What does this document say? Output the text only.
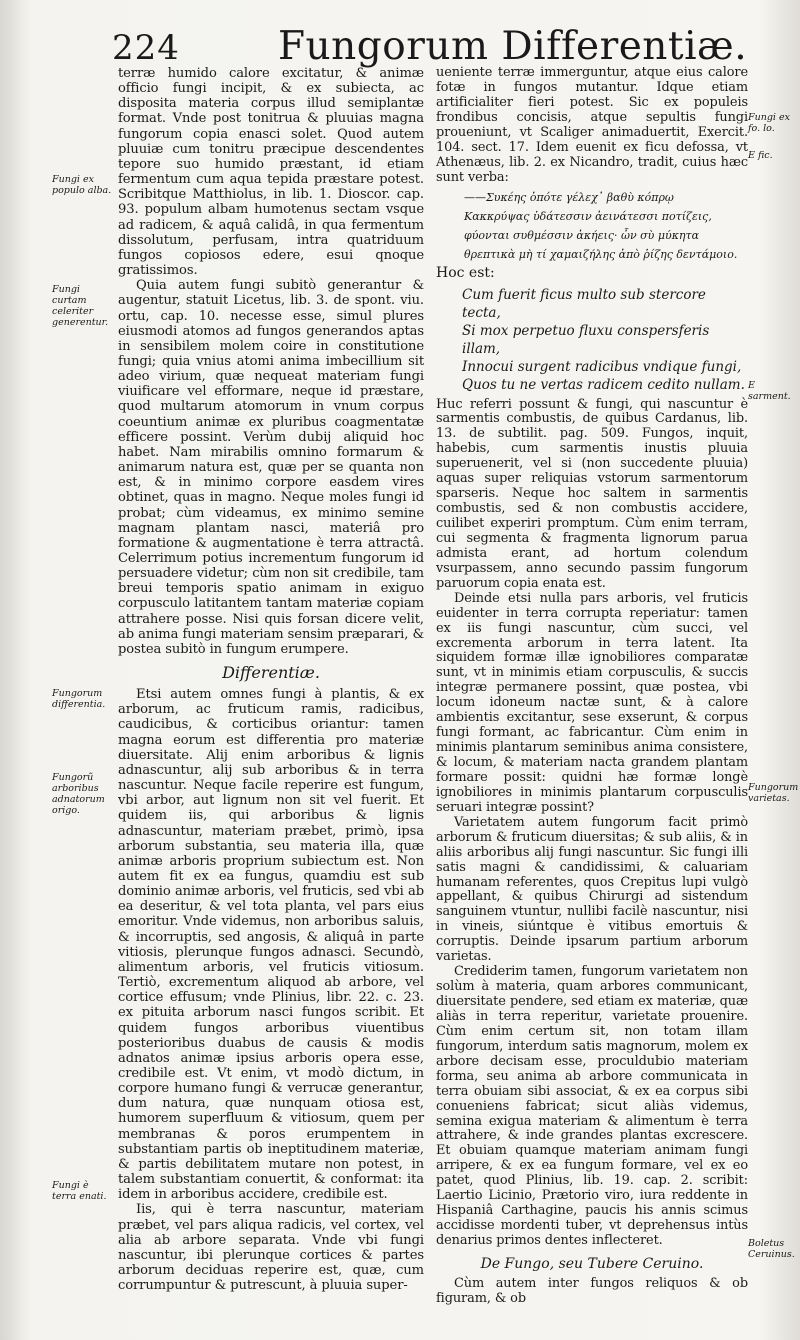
224	Fungorum Differentiæ.

Fungi ex populo alba.

Fungi curtam celeriter generentur.

Fungorum differentia.

Fungorũ arboribus adnatorum origo.

Fungi è terra enati.

Fungi ex fo. lo.

E fic.

E sarment.

Fungorum varietas.

Boletus Ceruinus.

terræ humido calore excitatur, & animæ officio fungi incipit, & ex subiecta, ac disposita materia corpus illud semiplantæ format. Vnde post tonitrua & pluuias magna fungorum copia enasci solet. Quod autem pluuiæ cum tonitru præcipue descendentes tepore suo humido præstant, id etiam fermentum cum aqua tepida præstare potest. Scribitque Matthiolus, in lib. 1. Dioscor. cap. 93. populum albam humotenus sectam vsque ad radicem, & aquâ calidâ, in qua fermentum dissolutum, perfusam, intra quatriduum fungos copiosos edere, esui qnoque gratissimos.

Quia autem fungi subitò generantur & augentur, statuit Licetus, lib. 3. de spont. viu. ortu, cap. 10. necesse esse, simul plures eiusmodi atomos ad fungos generandos aptas in sensibilem molem coire in constitutione fungi; quia vnius atomi anima imbecillium sit adeo virium, quæ nequeat materiam fungi viuificare vel efformare, neque id præstare, quod multarum atomorum in vnum corpus coeuntium animæ ex pluribus coagmentatæ efficere possint. Verùm dubij aliquid hoc habet. Nam mirabilis omnino formarum & animarum natura est, quæ per se quanta non est, & in minimo corpore easdem vires obtinet, quas in magno. Neque moles fungi id probat; cùm videamus, ex minimo semine magnam plantam nasci, materiâ pro formatione & augmentatione è terra attractâ. Celerrimum potius incrementum fungorum id persuadere videtur; cùm non sit credibile, tam breui temporis spatio animam in exiguo corpusculo latitantem tantam materiæ copiam attrahere posse. Nisi quis forsan dicere velit, ab anima fungi materiam sensim præparari, & postea subitò in fungum erumpere.

Differentiæ.

Etsi autem omnes fungi à plantis, & ex arborum, ac fruticum ramis, radicibus, caudicibus, & corticibus oriantur: tamen magna eorum est differentia pro materiæ diuersitate. Alij enim arboribus & lignis adnascuntur, alij sub arboribus & in terra nascuntur. Neque facile reperire est fungum, vbi arbor, aut lignum non sit vel fuerit. Et quidem iis, qui arboribus & lignis adnascuntur, materiam præbet, primò, ipsa arborum substantia, seu materia illa, quæ animæ arboris proprium subiectum est. Non autem fit ex ea fungus, quamdiu est sub dominio animæ arboris, vel fruticis, sed vbi ab ea deseritur, & vel tota planta, vel pars eius emoritur. Vnde videmus, non arboribus saluis, & incorruptis, sed angosis, & aliquâ in parte vitiosis, plerunque fungos adnasci. Secundò, alimentum arboris, vel fruticis vitiosum. Tertiò, excrementum aliquod ab arbore, vel cortice effusum; vnde Plinius, libr. 22. c. 23. ex pituita arborum nasci fungos scribit. Et quidem fungos arboribus viuentibus posterioribus duabus de causis & modis adnatos animæ ipsius arboris opera esse, credibile est. Vt enim, vt modò dictum, in corpore humano fungi & verrucæ generantur, dum natura, quæ nunquam otiosa est, humorem superfluum & vitiosum, quem per membranas & poros erumpentem in substantiam partis ob ineptitudinem materiæ, & partis debilitatem mutare non potest, in talem substantiam conuertit, & conformat: ita idem in arboribus accidere, credibile est.

Iis, qui è terra nascuntur, materiam præbet, vel pars aliqua radicis, vel cortex, vel alia ab arbore separata. Vnde vbi fungi nascuntur, ibi plerunque cortices & partes arborum deciduas reperire est, quæ, cum corrumpuntur & putrescunt, à pluuia super-

ueniente terræ immerguntur, atque eius calore fotæ in fungos mutantur. Idque etiam artificialiter fieri potest. Sic ex populeis frondibus concisis, atque sepultis fungi proueniunt, vt Scaliger animaduertit, Exercit. 104. sect. 17. Idem euenit ex ficu defossa, vt Athenæus, lib. 2. ex Nicandro, tradit, cuius hæc sunt verba:

——Συκέης ὁπότε γέλεχ᾽ βαθὺ κόπρῳ
Κακκρύψας ὑδάτεσσιν ἀεινάτεσσι ποτίζεις,
φύονται συθμέσσιν ἀκήεις· ὧν σὺ μύκητα
θρεπτικὰ μὴ τί χαμαιζήλης ἀπὸ ῥίζης δεντάμοιο.

Hoc est:

Cum fuerit ficus multo sub stercore tecta,
Si mox perpetuo fluxu conspersferis illam,
Innocui surgent radicibus vndique fungi,
Quos tu ne vertas radicem cedito nullam.

Huc referri possunt & fungi, qui nascuntur è sarmentis combustis, de quibus Cardanus, lib. 13. de subtilit. pag. 509. Fungos, inquit, habebis, cum sarmentis inustis pluuia superuenerit, vel si (non succedente pluuia) aquas super reliquias vstorum sarmentorum sparseris. Neque hoc saltem in sarmentis combustis, sed & non combustis accidere, cuilibet experiri promptum. Cùm enim terram, cui segmenta & fragmenta lignorum parua admista erant, ad hortum colendum vsurpassem, anno secundo passim fungorum paruorum copia enata est.

Deinde etsi nulla pars arboris, vel fruticis euidenter in terra corrupta reperiatur: tamen ex iis fungi nascuntur, cùm succi, vel excrementa arborum in terra latent. Ita siquidem formæ illæ ignobiliores comparatæ sunt, vt in minimis etiam corpusculis, & succis integræ permanere possint, quæ postea, vbi locum idoneum nactæ sunt, & à calore ambientis excitantur, sese exserunt, & corpus fungi formant, ac fabricantur. Cùm enim in minimis plantarum seminibus anima consistere, & locum, & materiam nacta grandem plantam formare possit: quidni hæ formæ longè ignobiliores in minimis plantarum corpusculis seruari integræ possint?

Varietatem autem fungorum facit primò arborum & fruticum diuersitas; & sub aliis, & in aliis arboribus alij fungi nascuntur. Sic fungi illi satis magni & candidissimi, & caluariam humanam referentes, quos Crepitus lupi vulgò appellant, & quibus Chirurgi ad sistendum sanguinem vtuntur, nullibi facilè nascuntur, nisi in vineis, siúntque è vitibus emortuis & corruptis. Deinde ipsarum partium arborum varietas.

Crediderim tamen, fungorum varietatem non solùm à materia, quam arbores communicant, diuersitate pendere, sed etiam ex materiæ, quæ aliàs in terra reperitur, varietate prouenire. Cùm enim certum sit, non totam illam fungorum, interdum satis magnorum, molem ex arbore decisam esse, proculdubio materiam forma, seu anima ab arbore communicata in terra obuiam sibi associat, & ex ea corpus sibi conueniens fabricat; sicut aliàs videmus, semina exigua materiam & alimentum è terra attrahere, & inde grandes plantas excrescere. Et obuiam quamque materiam animam fungi arripere, & ex ea fungum formare, vel ex eo patet, quod Plinius, lib. 19. cap. 2. scribit: Laertio Licinio, Prætorio viro, iura reddente in Hispaniâ Carthagine, paucis his annis scimus accidisse mordenti tuber, vt deprehensus intùs denarius primos dentes inflecteret.

De Fungo, seu Tubere Ceruino.

Cùm autem inter fungos reliquos & ob figuram, & ob
